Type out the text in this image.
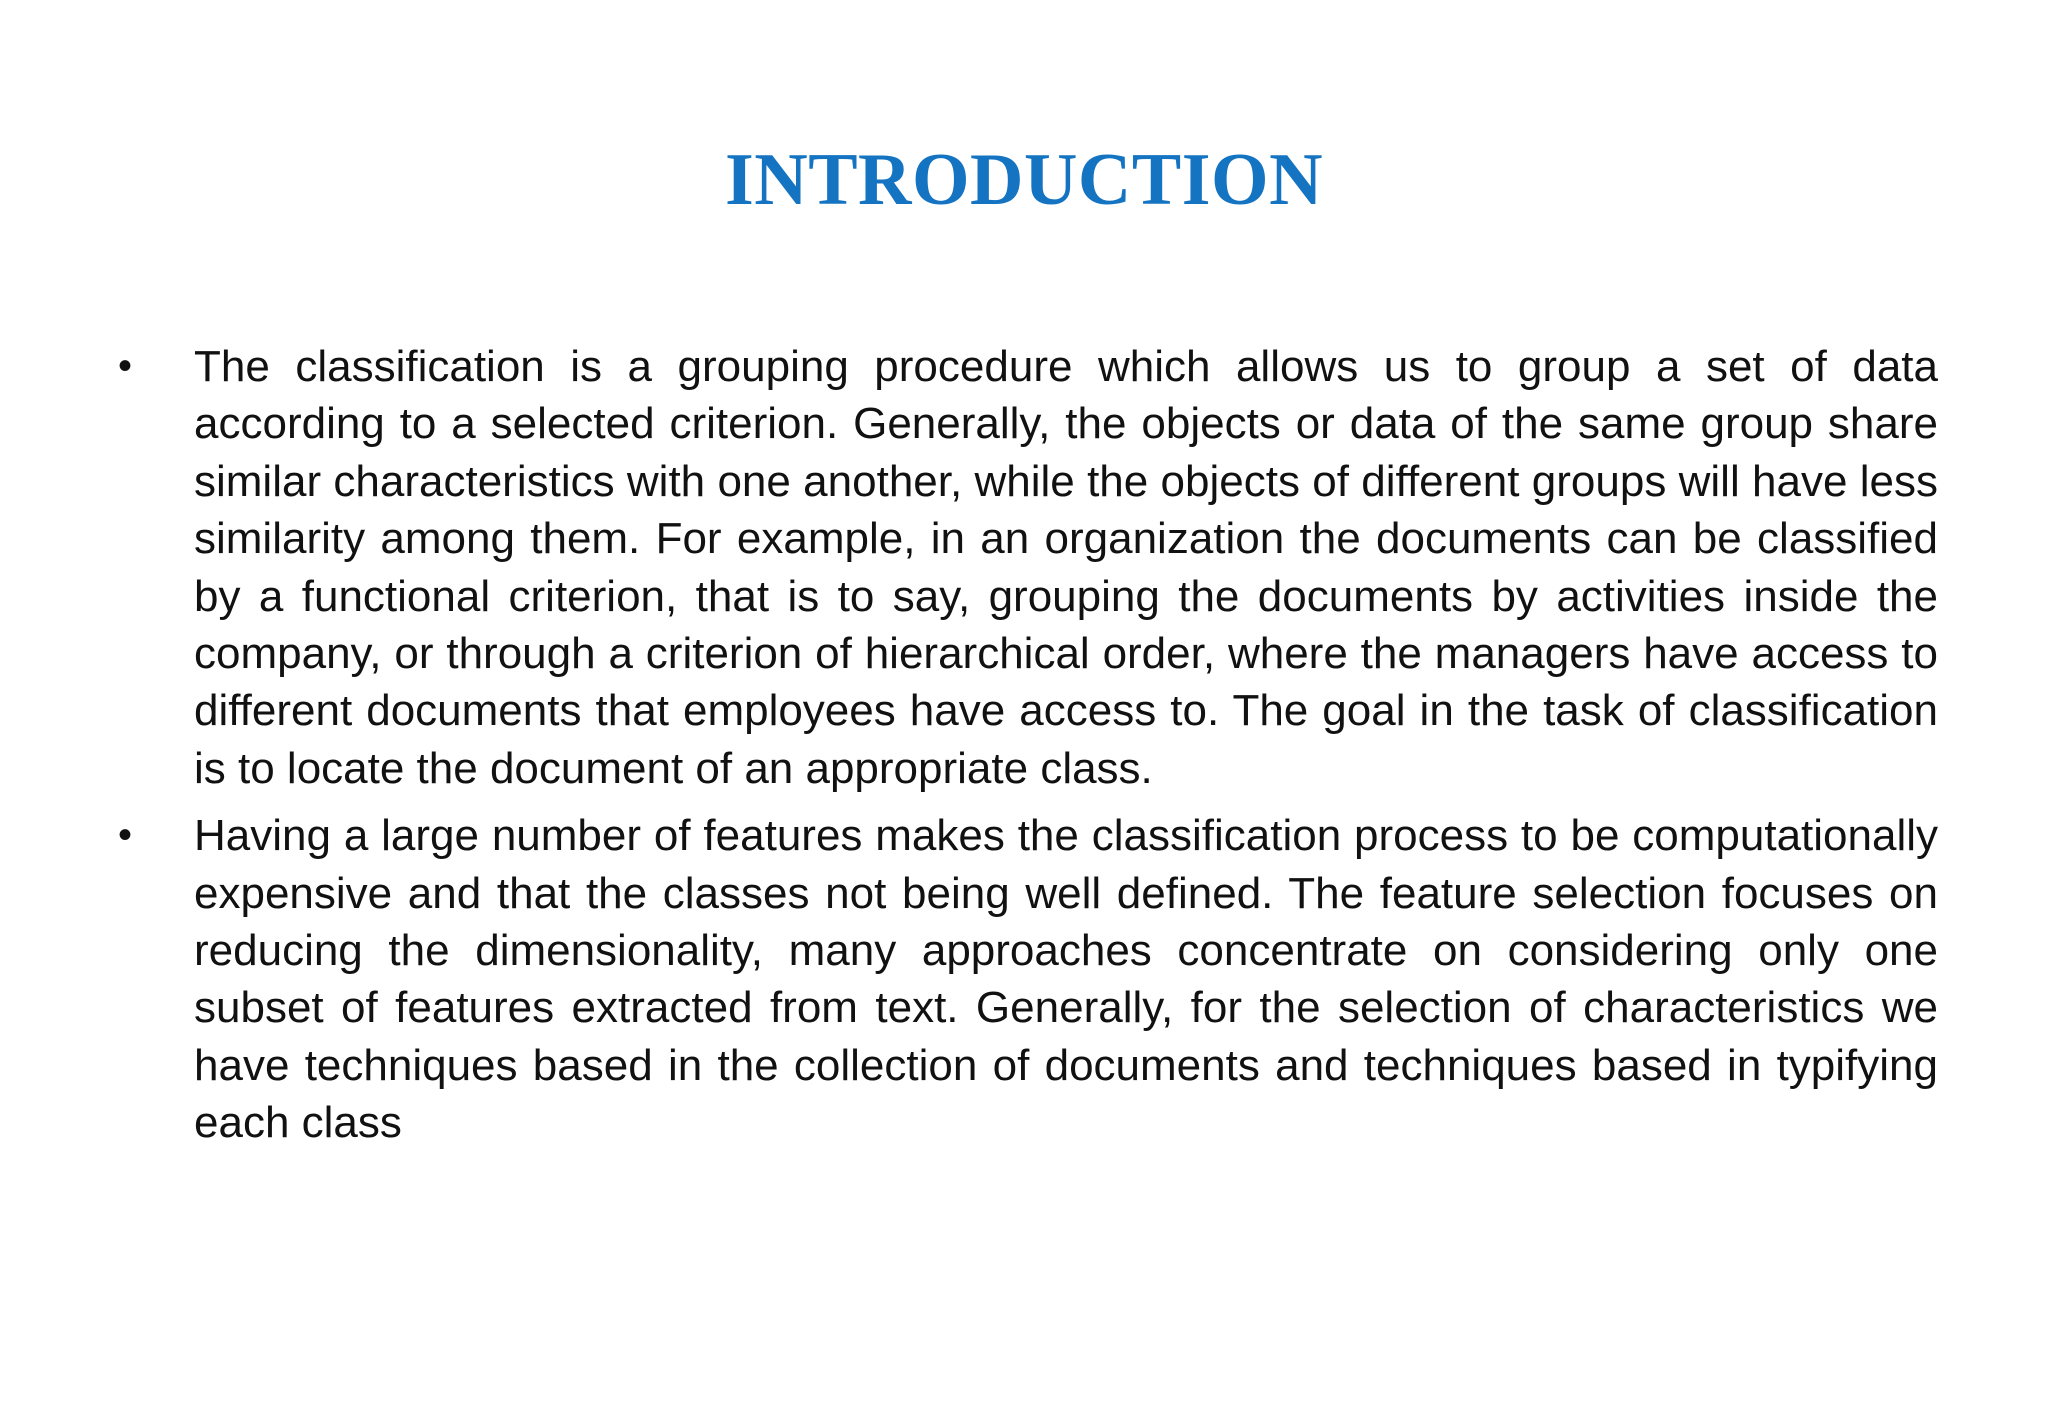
INTRODUCTION
• The classification is a grouping procedure which allows us to group a set of data according to a selected criterion. Generally, the objects or data of the same group share similar characteristics with one another, while the objects of different groups will have less similarity among them. For example, in an organization the documents can be classified by a functional criterion, that is to say, grouping the documents by activities inside the company, or through a criterion of hierarchical order, where the managers have access to different documents that employees have access to. The goal in the task of classification is to locate the document of an appropriate class.
• Having a large number of features makes the classification process to be computationally expensive and that the classes not being well defined. The feature selection focuses on reducing the dimensionality, many approaches concentrate on considering only one subset of features extracted from text. Generally, for the selection of characteristics we have techniques based in the collection of documents and techniques based in typifying each class
